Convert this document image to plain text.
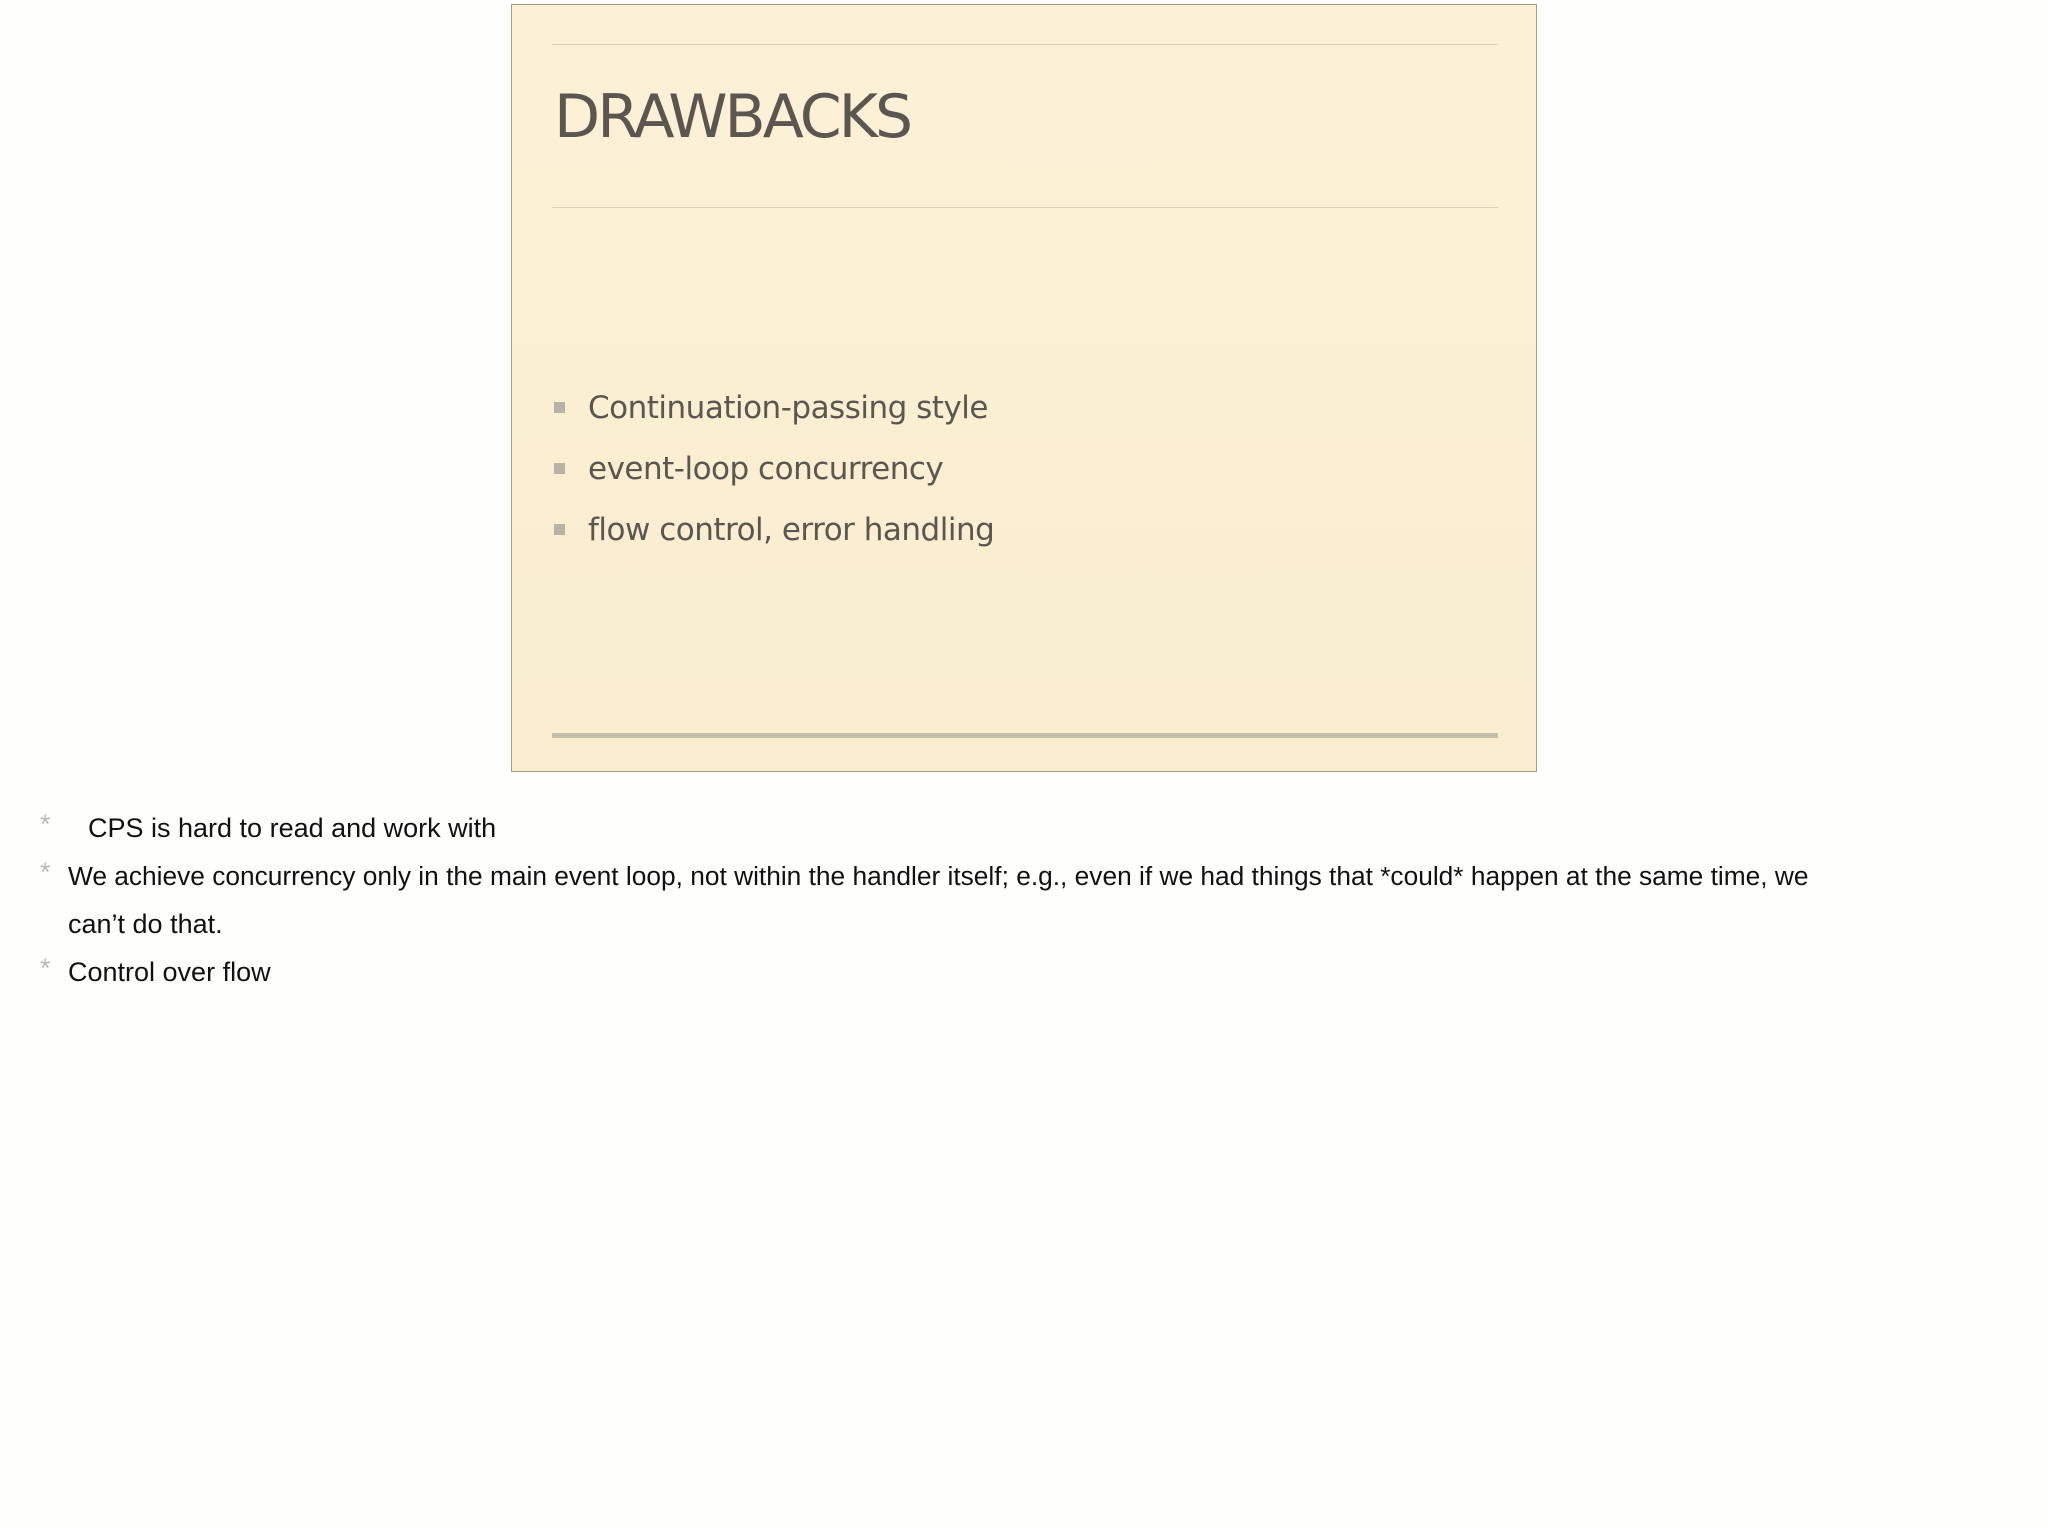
DRAWBACKS
Continuation-passing style
event-loop concurrency
flow control, error handling
* CPS is hard to read and work with
* We achieve concurrency only in the main event loop, not within the handler itself; e.g., even if we had things that *could* happen at the same time, we
can’t do that.
* Control over flow
